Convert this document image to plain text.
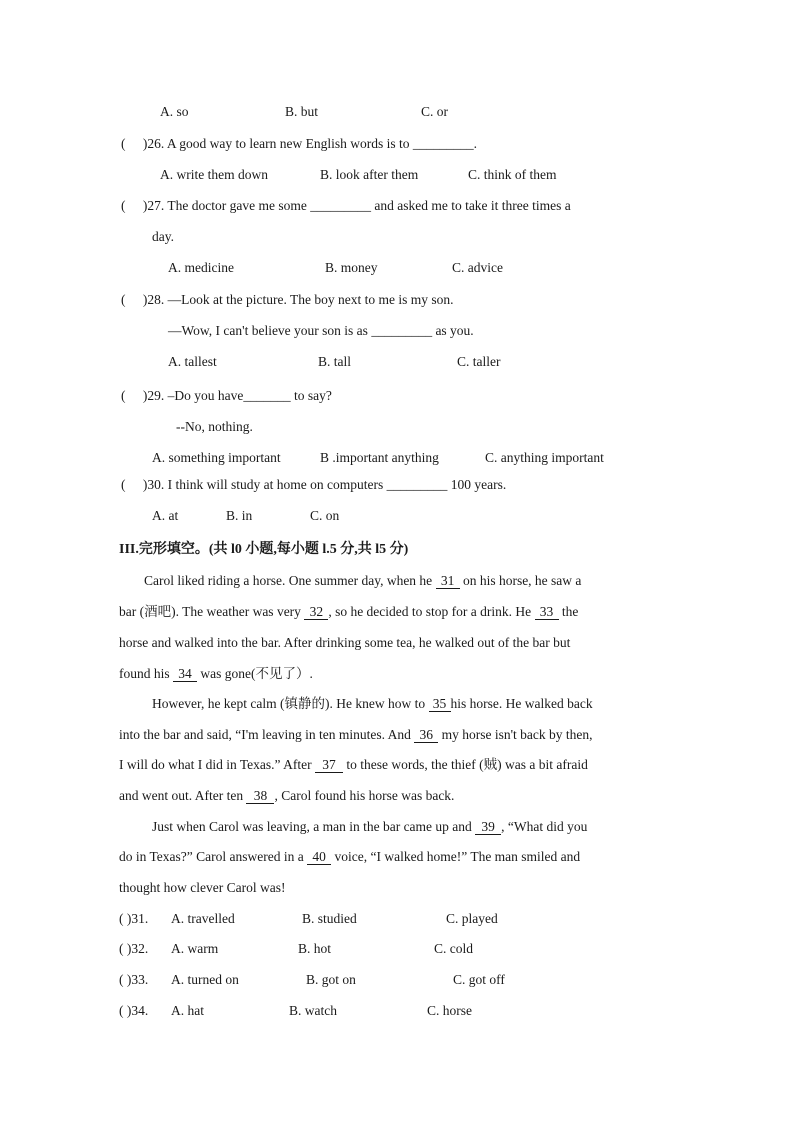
A. so	B. but	C. or
( )26. A good way to learn new English words is to _________.
A. write them down	B. look after them	C. think of them
( )27. The doctor gave me some _________ and asked me to take it three times a
day.
A. medicine	B. money	C. advice
( )28. —Look at the picture. The boy next to me is my son.
—Wow, I can't believe your son is as _________ as you.
A. tallest	B. tall	C. taller
( )29. –Do you have_______ to say?
--No, nothing.
A. something important	B .important anything	C. anything important
( )30. I think will study at home on computers _________ 100 years.
A. at	B. in	C. on
III.完形填空。(共 l0 小题,每小题 l.5 分,共 l5 分)
Carol liked riding a horse. One summer day, when he 31 on his horse, he saw a
bar (酒吧). The weather was very 32 , so he decided to stop for a drink. He 33 the
horse and walked into the bar. After drinking some tea, he walked out of the bar but
found his 34 was gone(不见了）.
However, he kept calm (镇静的). He knew how to 35 his horse. He walked back
into the bar and said, “I'm leaving in ten minutes. And 36 my horse isn't back by then,
I will do what I did in Texas.” After 37 to these words, the thief (贼) was a bit afraid
and went out. After ten 38 , Carol found his horse was back.
Just when Carol was leaving, a man in the bar came up and 39 , “What did you
do in Texas?” Carol answered in a 40 voice, “I walked home!” The man smiled and
thought how clever Carol was!
( )31. A. travelled	B. studied	C. played
( )32. A. warm	B. hot	C. cold
( )33. A. turned on	B. got on	C. got off
( )34. A. hat	B. watch	C. horse
